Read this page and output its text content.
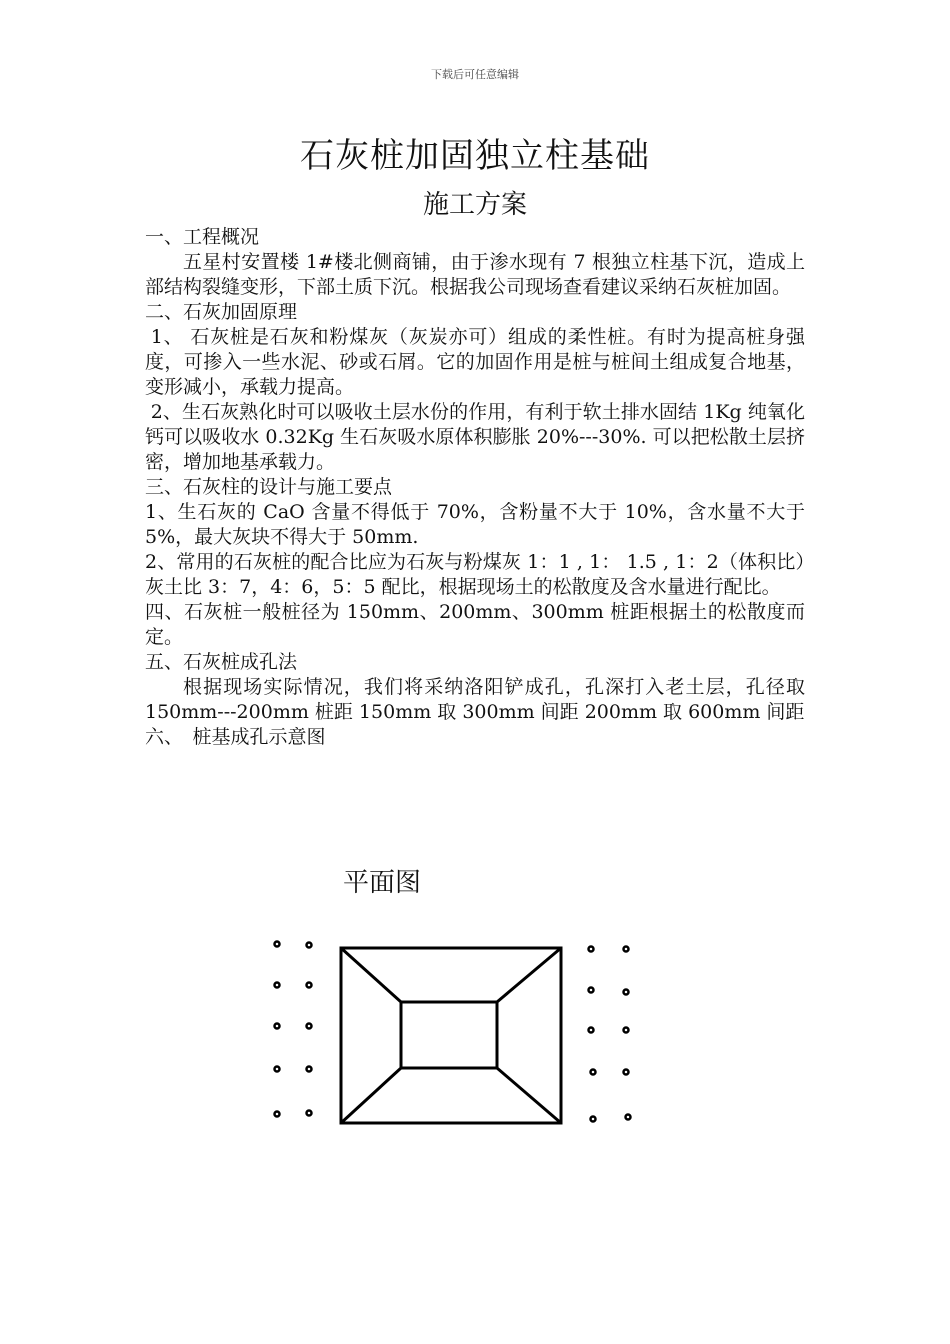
下载后可任意编辑
石灰桩加固独立柱基础
施工方案

一、工程概况

五星村安置楼 1#楼北侧商铺，由于渗水现有 7 根独立柱基下沉，造成上部结构裂缝变形，下部土质下沉。根据我公司现场查看建议采纳石灰桩加固。

二、石灰加固原理

1、 石灰桩是石灰和粉煤灰（灰炭亦可）组成的柔性桩。有时为提高桩身强度，可掺入一些水泥、砂或石屑。它的加固作用是桩与桩间土组成复合地基，变形减小，承载力提高。

2、生石灰熟化时可以吸收土层水份的作用，有利于软土排水固结 1Kg 纯氧化钙可以吸收水 0.32Kg 生石灰吸水原体积膨胀 20%---30%. 可以把松散土层挤密，增加地基承载力。

三、石灰柱的设计与施工要点

1、生石灰的 CaO 含量不得低于 70%，含粉量不大于 10%，含水量不大于 5%，最大灰块不得大于 50mm.

2、常用的石灰桩的配合比应为石灰与粉煤灰 1：1 , 1： 1.5 , 1：2（体积比）灰土比 3：7，4：6，5：5 配比，根据现场土的松散度及含水量进行配比。

四、石灰桩一般桩径为 150mm、200mm、300mm 桩距根据土的松散度而定。

五、石灰桩成孔法

根据现场实际情况，我们将采纳洛阳铲成孔，孔深打入老土层，孔径取 150mm---200mm 桩距 150mm 取 300mm 间距 200mm 取 600mm 间距

六、　桩基成孔示意图

平面图
